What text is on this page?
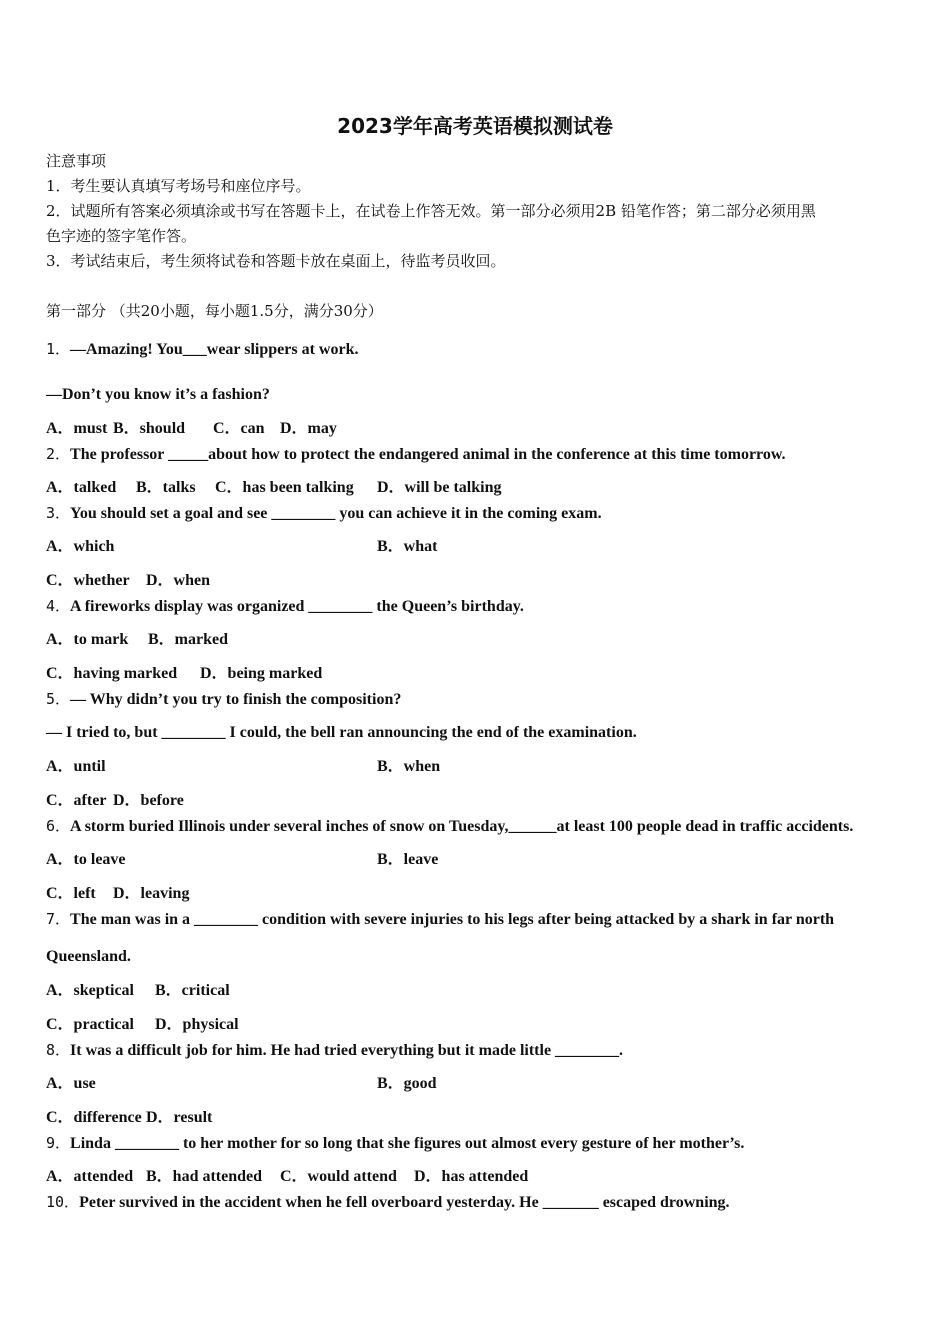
2023学年高考英语模拟测试卷
注意事项
1．考生要认真填写考场号和座位序号。
2．试题所有答案必须填涂或书写在答题卡上，在试卷上作答无效。第一部分必须用2B 铅笔作答；第二部分必须用黑
色字迹的签字笔作答。
3．考试结束后，考生须将试卷和答题卡放在桌面上，待监考员收回。
第一部分 （共20小题，每小题1.5分，满分30分）
1．—Amazing! You___wear slippers at work.
—Don’t you know it’s a fashion?
A．must B．should C．can D．may
2．The professor _____about how to protect the endangered animal in the conference at this time tomorrow.
A．talked B．talks C．has been talking D．will be talking
3．You should set a goal and see ________ you can achieve it in the coming exam.
A．which	B．what
C．whether D．when
4．A fireworks display was organized ________ the Queen’s birthday.
A．to mark B．marked
C．having marked D．being marked
5．— Why didn’t you try to finish the composition?
— I tried to, but ________ I could, the bell ran announcing the end of the examination.
A．until	B．when
C．after D．before
6．A storm buried Illinois under several inches of snow on Tuesday,______at least 100 people dead in traffic accidents.
A．to leave	B．leave
C．left D．leaving
7．The man was in a ________ condition with severe injuries to his legs after being attacked by a shark in far north
Queensland.
A．skeptical B．critical
C．practical D．physical
8．It was a difficult job for him. He had tried everything but it made little ________.
A．use	B．good
C．difference D．result
9．Linda ________ to her mother for so long that she figures out almost every gesture of her mother’s.
A．attended B．had attended C．would attend D．has attended
10．Peter survived in the accident when he fell overboard yesterday. He _______ escaped drowning.
